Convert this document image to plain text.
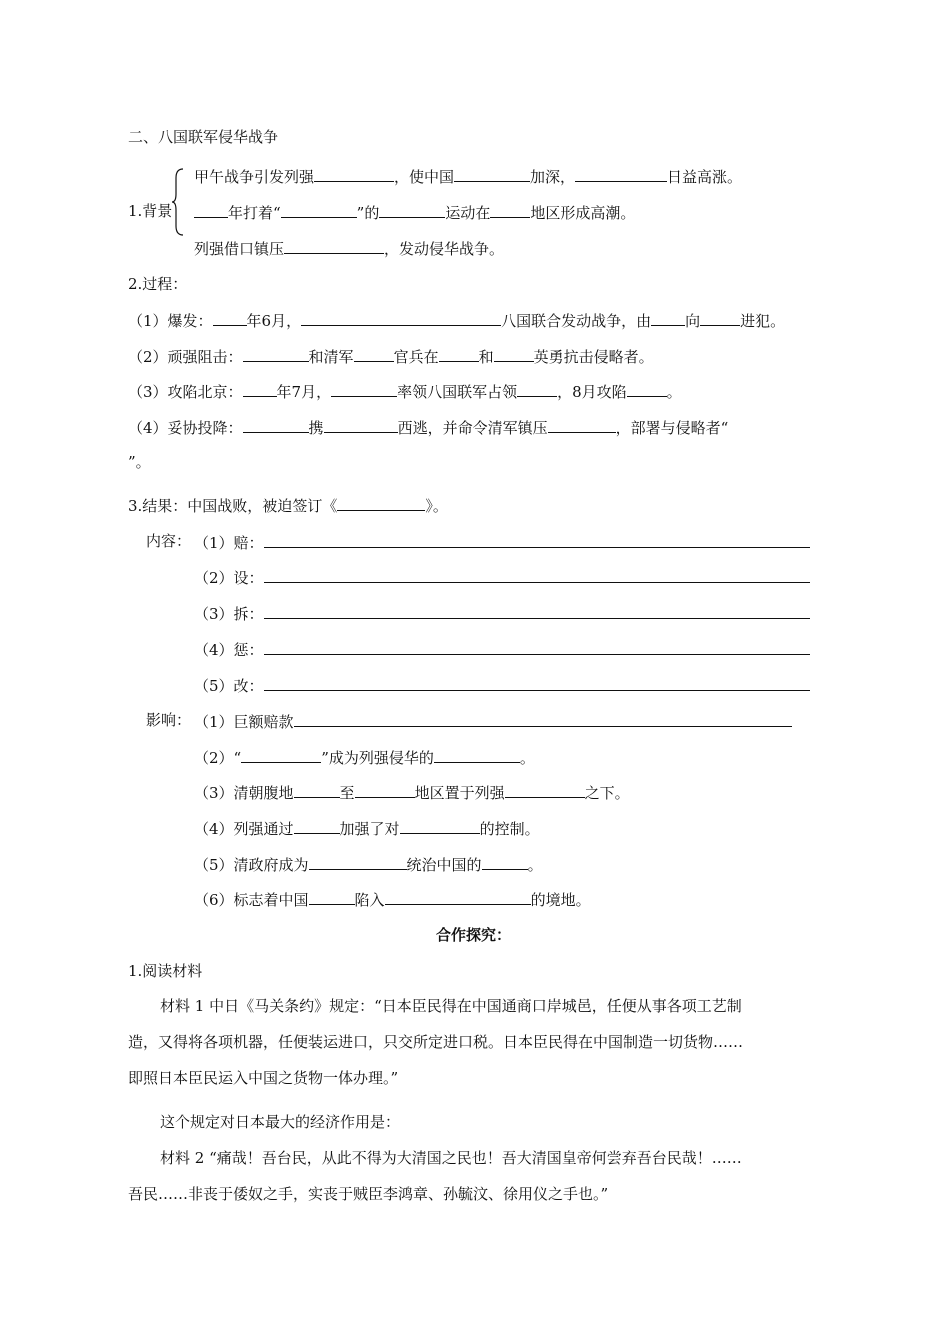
二、八国联军侵华战争
1.背景
甲午战争引发列强	，使中国	加深，	日益高涨。
年打着“	”的	运动在	地区形成高潮。
列强借口镇压	，发动侵华战争。
2.过程：
（1）爆发： 年6月，	八国联合发动战争，由 向	进犯。
（2）顽强阻击：	和清军	官兵在	和	英勇抗击侵略者。
（3）攻陷北京： 年7月，	率领八国联军占领	，8月攻陷	。
（4）妥协投降：	携	西逃，并命令清军镇压	，部署与侵略者“
”。
3.结果：中国战败，被迫签订《	》。
内容： （1）赔：
（2）设：
（3）拆：
（4）惩：
（5）改：
影响： （1）巨额赔款
（2）“	”成为列强侵华的	。
（3）清朝腹地	至	地区置于列强	之下。
（4）列强通过	加强了对	的控制。
（5）清政府成为	统治中国的	。
（6）标志着中国	陷入	的境地。
合作探究：
1.阅读材料
材料 1 中日《马关条约》规定：“日本臣民得在中国通商口岸城邑，任便从事各项工艺制
造，又得将各项机器，任便装运进口，只交所定进口税。日本臣民得在中国制造一切货物……
即照日本臣民运入中国之货物一体办理。”
这个规定对日本最大的经济作用是：
材料 2 “痛哉！吾台民，从此不得为大清国之民也！吾大清国皇帝何尝弃吾台民哉！……
吾民……非丧于倭奴之手，实丧于贼臣李鸿章、孙毓汶、徐用仪之手也。”
